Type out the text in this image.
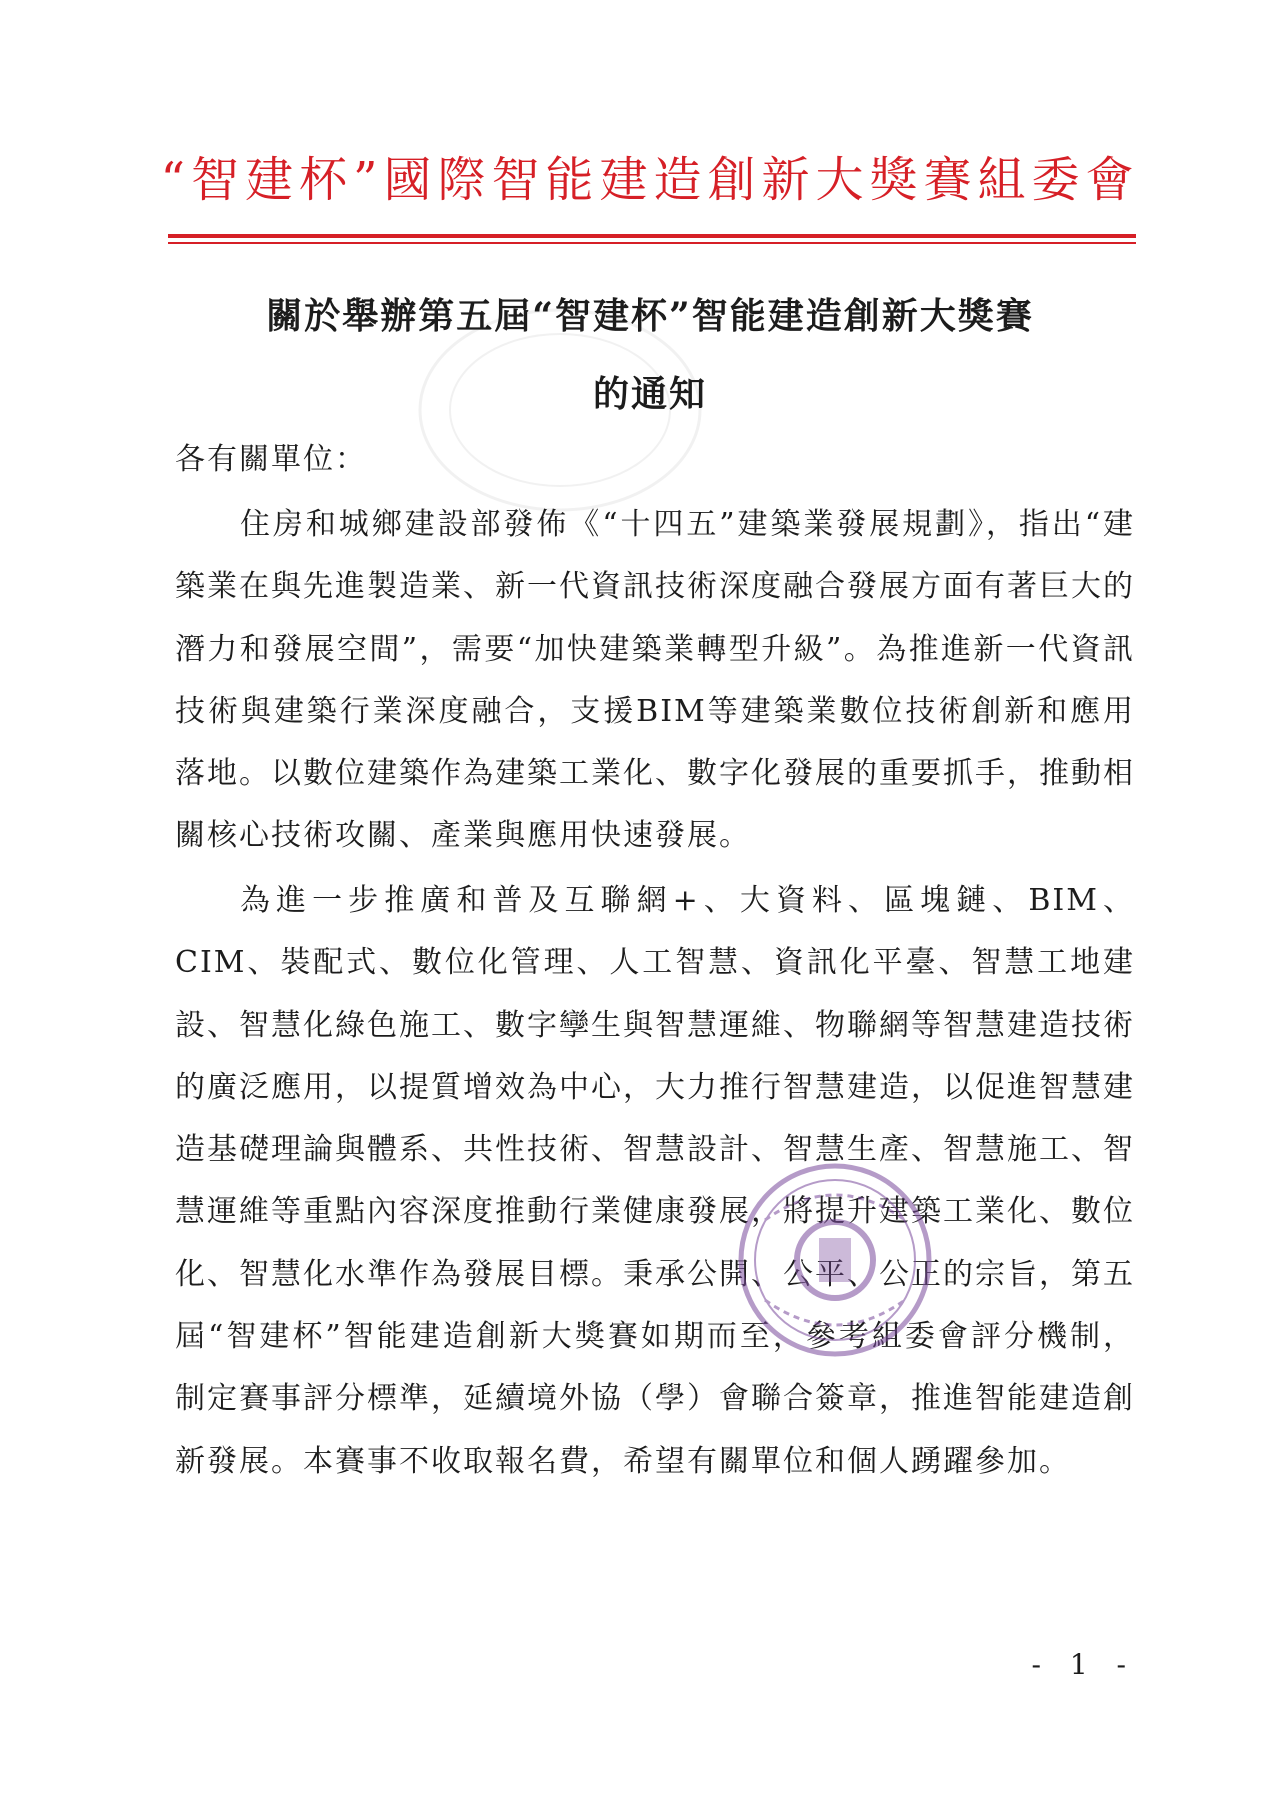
“智建杯”國際智能建造創新大獎賽組委會
關於舉辦第五屆“智建杯”智能建造創新大獎賽
的通知
各有關單位：

住房和城鄉建設部發佈《“十四五”建築業發展規劃》，指出“建築業在與先進製造業、新一代資訊技術深度融合發展方面有著巨大的潛力和發展空間”，需要“加快建築業轉型升級”。為推進新一代資訊技術與建築行業深度融合，支援BIM等建築業數位技術創新和應用落地。以數位建築作為建築工業化、數字化發展的重要抓手，推動相關核心技術攻關、產業與應用快速發展。

為進一步推廣和普及互聯網+、大資料、區塊鏈、BIM、CIM、裝配式、數位化管理、人工智慧、資訊化平臺、智慧工地建設、智慧化綠色施工、數字孿生與智慧運維、物聯網等智慧建造技術的廣泛應用，以提質增效為中心，大力推行智慧建造，以促進智慧建造基礎理論與體系、共性技術、智慧設計、智慧生產、智慧施工、智慧運維等重點內容深度推動行業健康發展，將提升建築工業化、數位化、智慧化水準作為發展目標。秉承公開、公平、公正的宗旨，第五屆“智建杯”智能建造創新大獎賽如期而至，參考組委會評分機制，制定賽事評分標準，延續境外協（學）會聯合簽章，推進智能建造創新發展。本賽事不收取報名費，希望有關單位和個人踴躍參加。

- 1 -
